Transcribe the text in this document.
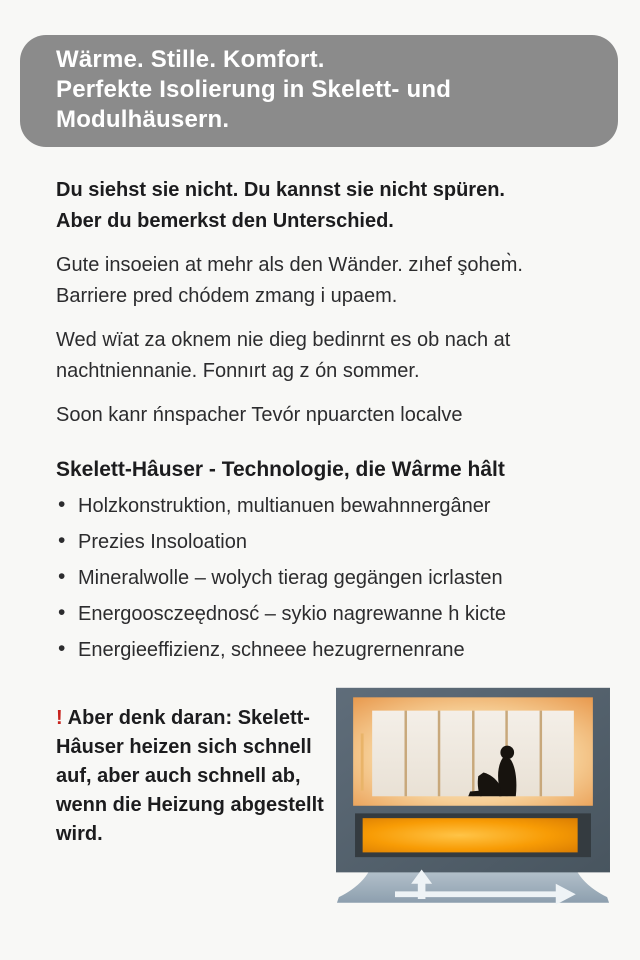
Wärme. Stille. Komfort.
Perfekte Isolierung in Skelett- und
Modulhäusern.
Du siehst sie nicht. Du kannst sie nicht spüren.
Aber du bemerkst den Unterschied.

Gute insoeien at mehr als den Wänder. zıhef şohem̀. Barriere pred chódem zmang i upaem.

Wed wïat za oknem nie dieg bedinrnt es ob nach at nachtniennanie. Fonnırt ag z ón sommer.

Soon kanr ńnspacher Tevór npuarcten localve

Skelett-Hâuser - Technologie, die Wârme hâlt
• Holzkonstruktion, multianuen bewahnnergâner
• Prezies Insoloation
• Mineralwolle – wolych tierag gegängen icrlasten
• Energoosczeędnosć – sykio nagrewanne h kicte
• Energieeffizienz, schneee hezugrernenrane

! Aber denk daran: Skelett-Hâuser heizen sich schnell auf, aber auch schnell ab, wenn die Heizung abgestellt wird.
